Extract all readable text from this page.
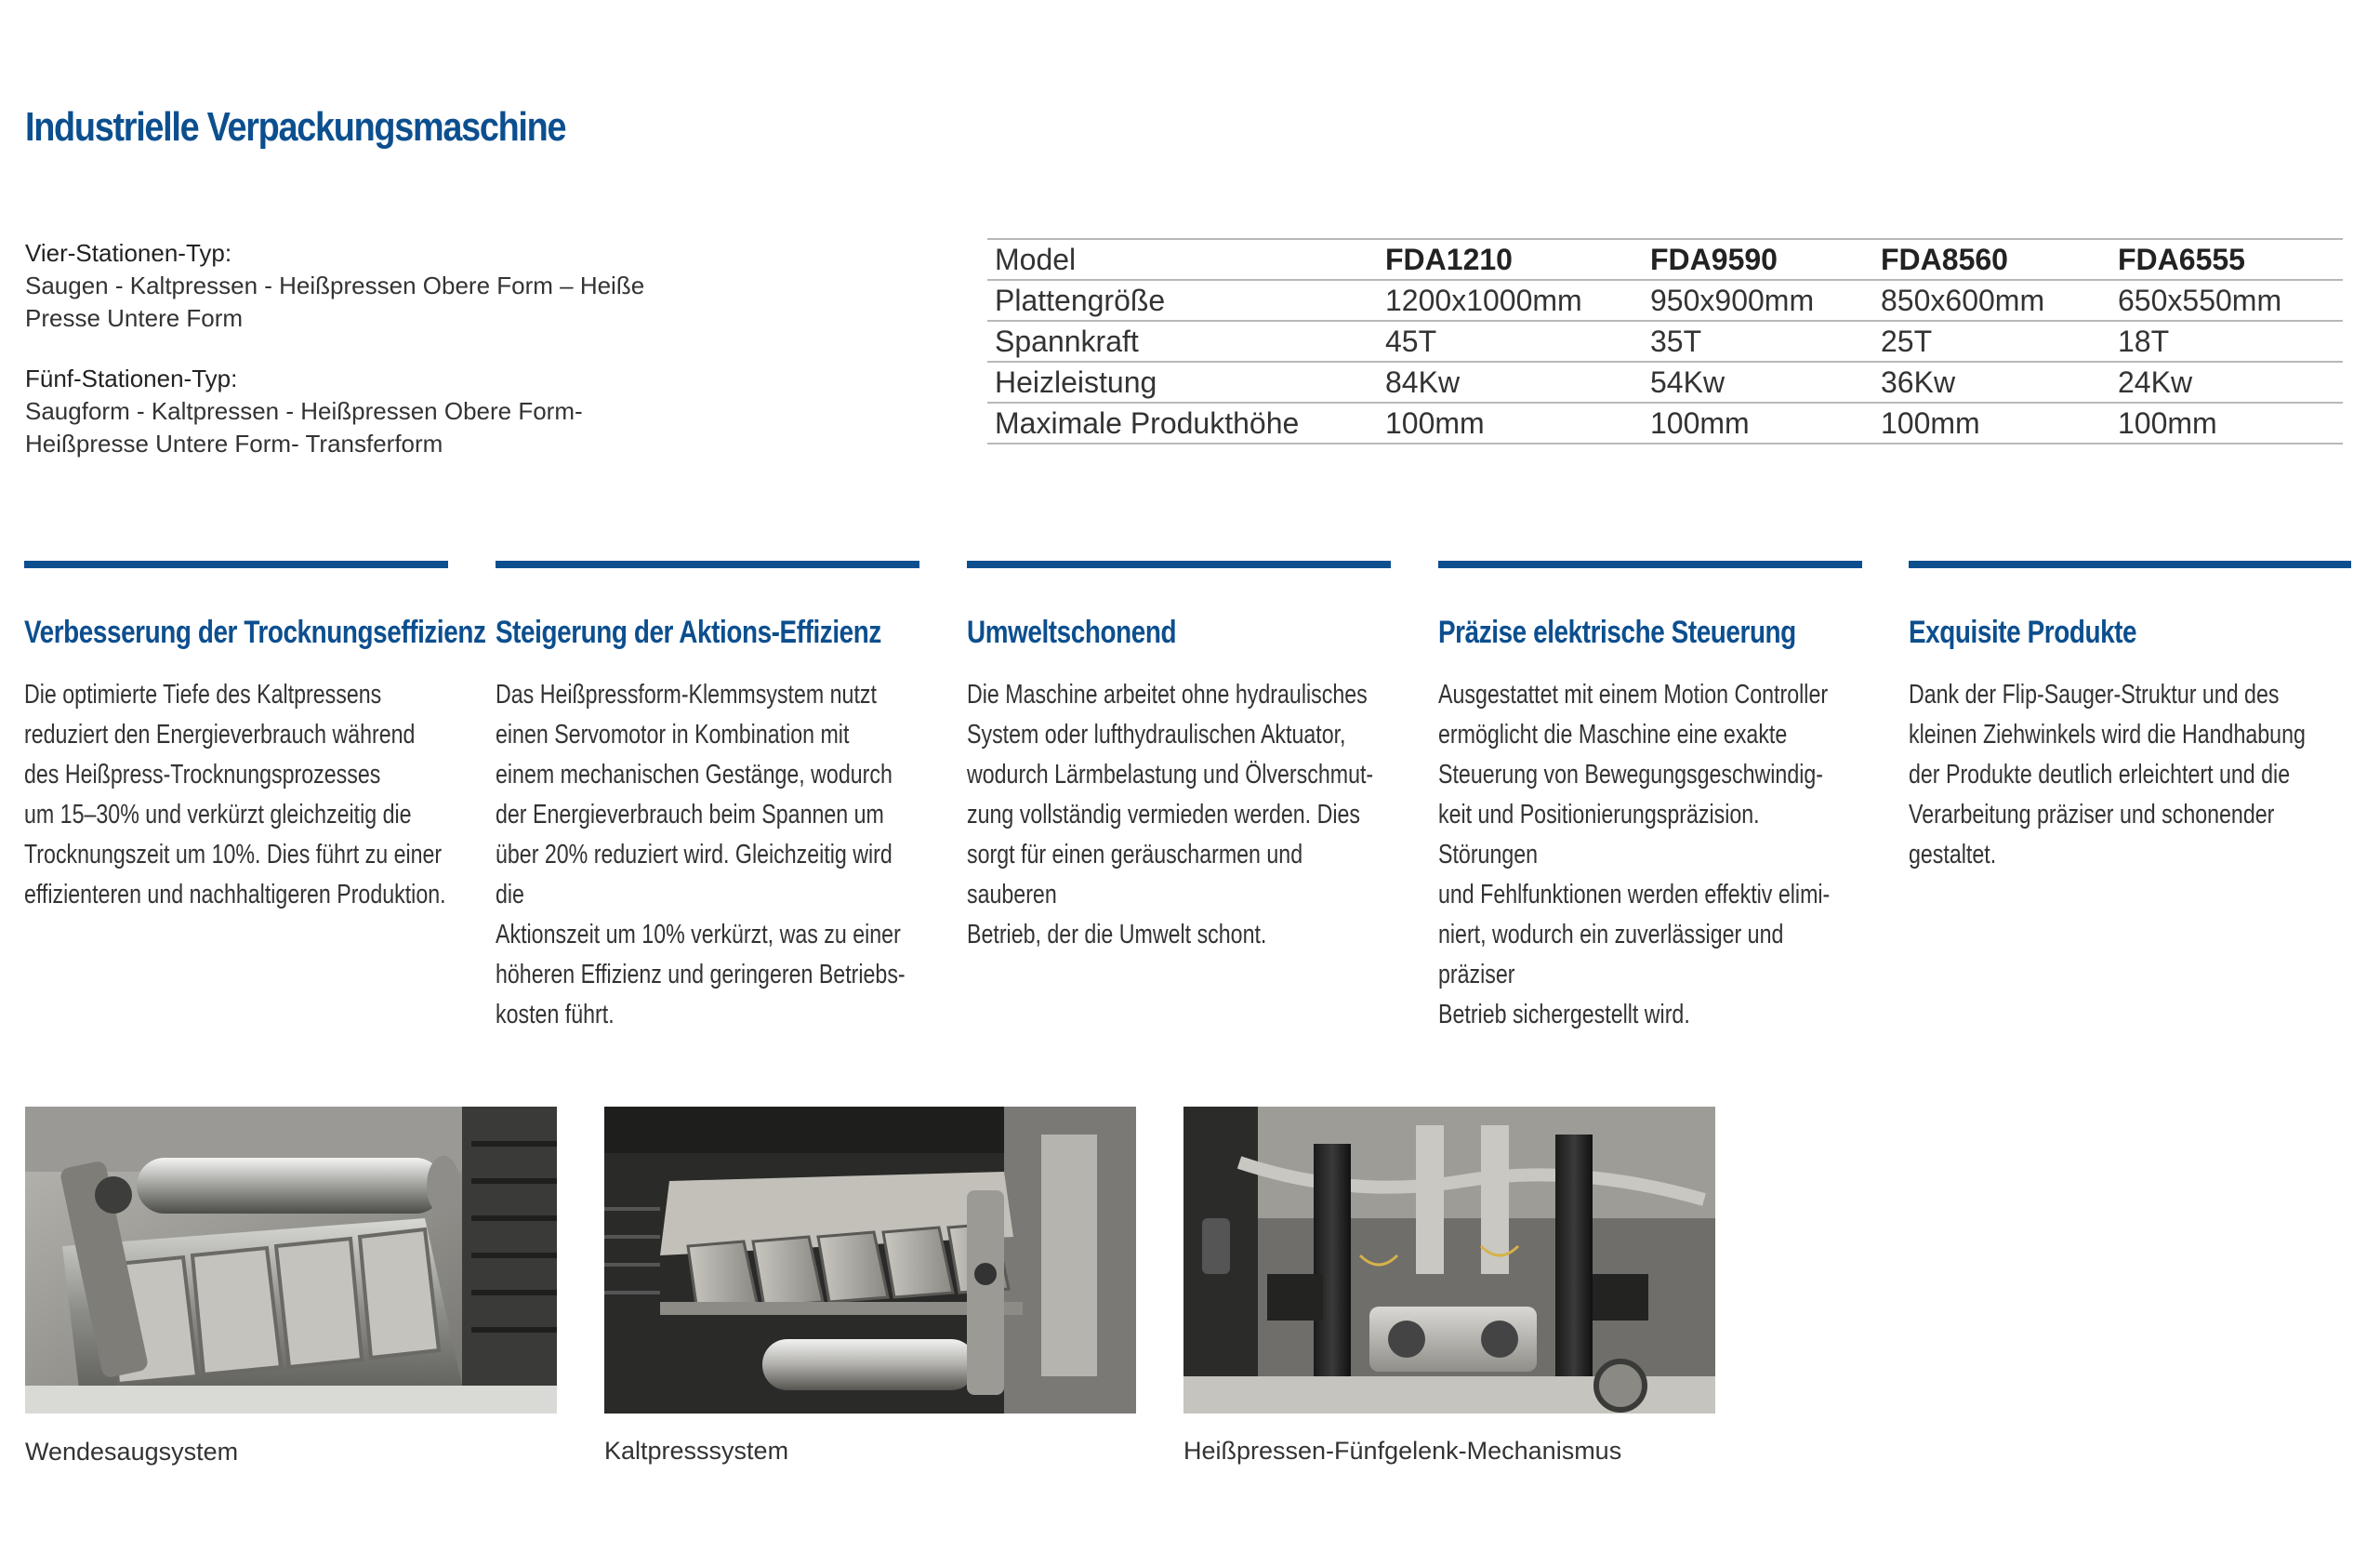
Industrielle Verpackungsmaschine
Vier-Stationen-Typ:
Saugen - Kaltpressen - Heißpressen Obere Form – Heiße
Presse Untere Form
Fünf-Stationen-Typ:
Saugform - Kaltpressen - Heißpressen Obere Form-
Heißpresse Untere Form- Transferform
Model	FDA1210	FDA9590	FDA8560	FDA6555
Plattengröße	1200x1000mm	950x900mm	850x600mm	650x550mm
Spannkraft	45T	35T	25T	18T
Heizleistung	84Kw	54Kw	36Kw	24Kw
Maximale Produkthöhe	100mm	100mm	100mm	100mm
Verbesserung der Trocknungseffizienz
Die optimierte Tiefe des Kaltpressens
reduziert den Energieverbrauch während
des Heißpress-Trocknungsprozesses
um 15–30% und verkürzt gleichzeitig die
Trocknungszeit um 10%. Dies führt zu einer
effizienteren und nachhaltigeren Produktion.
Steigerung der Aktions-Effizienz
Das Heißpressform-Klemmsystem nutzt
einen Servomotor in Kombination mit
einem mechanischen Gestänge, wodurch
der Energieverbrauch beim Spannen um
über 20% reduziert wird. Gleichzeitig wird die
Aktionszeit um 10% verkürzt, was zu einer
höheren Effizienz und geringeren Betriebs-
kosten führt.
Umweltschonend
Die Maschine arbeitet ohne hydraulisches
System oder lufthydraulischen Aktuator,
wodurch Lärmbelastung und Ölverschmut-
zung vollständig vermieden werden. Dies
sorgt für einen geräuscharmen und sauberen
Betrieb, der die Umwelt schont.
Präzise elektrische Steuerung
Ausgestattet mit einem Motion Controller
ermöglicht die Maschine eine exakte
Steuerung von Bewegungsgeschwindig-
keit und Positionierungspräzision. Störungen
und Fehlfunktionen werden effektiv elimi-
niert, wodurch ein zuverlässiger und präziser
Betrieb sichergestellt wird.
Exquisite Produkte
Dank der Flip-Sauger-Struktur und des
kleinen Ziehwinkels wird die Handhabung
der Produkte deutlich erleichtert und die
Verarbeitung präziser und schonender
gestaltet.
Wendesaugsystem	Kaltpresssystem	Heißpressen-Fünfgelenk-Mechanismus
